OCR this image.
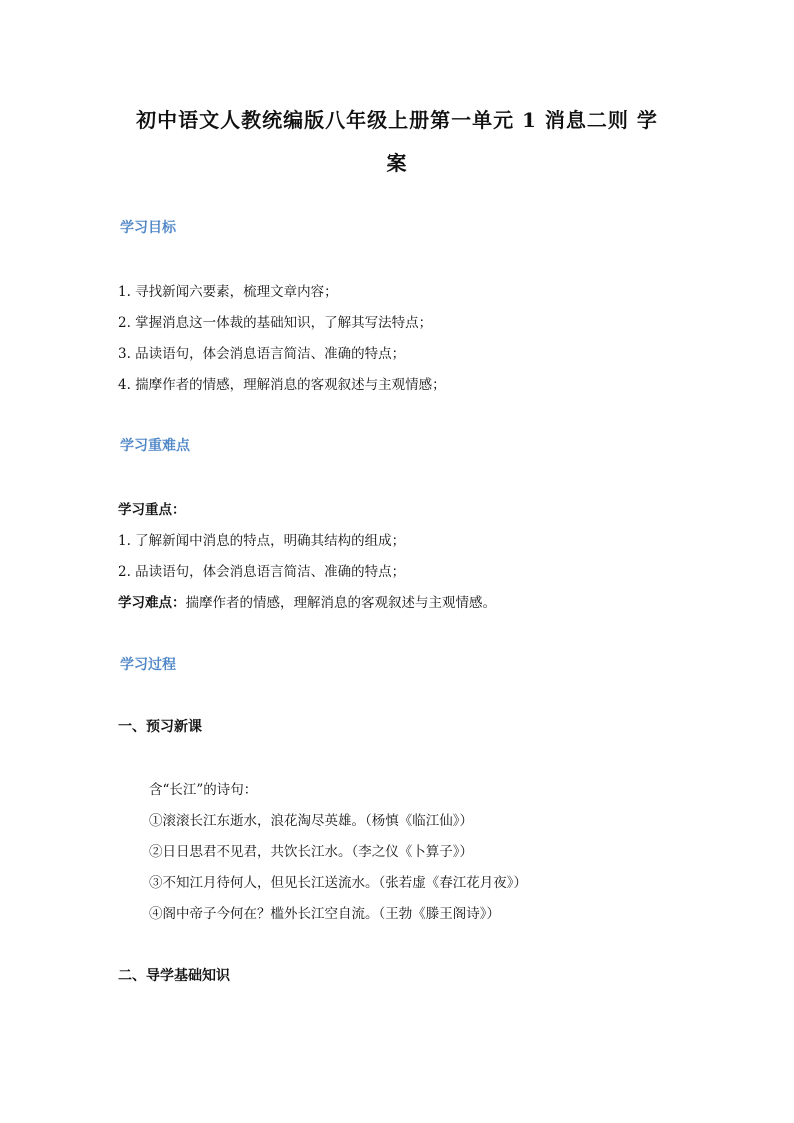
初中语文人教统编版八年级上册第一单元 1 消息二则 学

案

学习目标

1. 寻找新闻六要素，梳理文章内容；

2. 掌握消息这一体裁的基础知识，了解其写法特点；

3. 品读语句，体会消息语言简洁、准确的特点；

4. 揣摩作者的情感，理解消息的客观叙述与主观情感；

学习重难点

学习重点：

1. 了解新闻中消息的特点，明确其结构的组成；

2. 品读语句，体会消息语言简洁、准确的特点；

学习难点：揣摩作者的情感，理解消息的客观叙述与主观情感。

学习过程

一、预习新课

含“长江”的诗句：

①滚滚长江东逝水，浪花淘尽英雄。（杨慎《临江仙》）

②日日思君不见君，共饮长江水。（李之仪《卜算子》）

③不知江月待何人，但见长江送流水。（张若虚《春江花月夜》）

④阁中帝子今何在？槛外长江空自流。（王勃《滕王阁诗》）

二、导学基础知识
